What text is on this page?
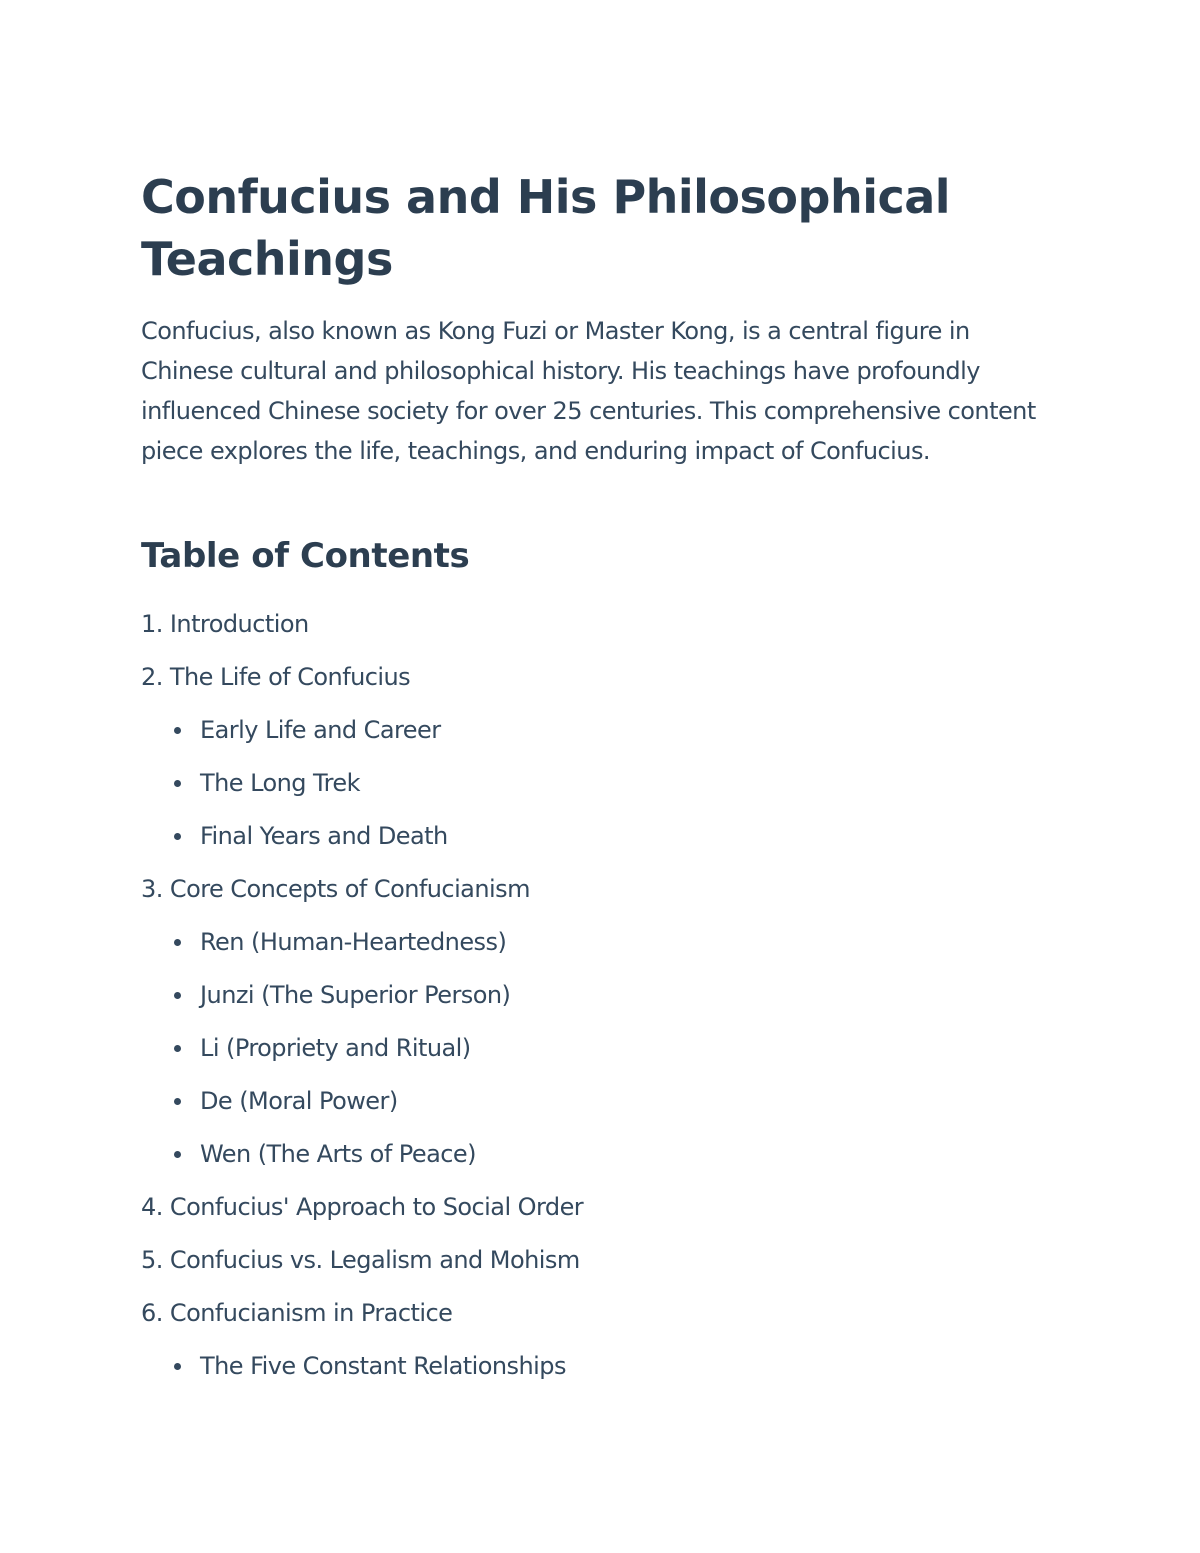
Confucius and His Philosophical Teachings

Confucius, also known as Kong Fuzi or Master Kong, is a central figure in Chinese cultural and philosophical history. His teachings have profoundly influenced Chinese society for over 25 centuries. This comprehensive content piece explores the life, teachings, and enduring impact of Confucius.

Table of Contents
1. Introduction
2. The Life of Confucius
Early Life and Career
The Long Trek
Final Years and Death
3. Core Concepts of Confucianism
Ren (Human-Heartedness)
Junzi (The Superior Person)
Li (Propriety and Ritual)
De (Moral Power)
Wen (The Arts of Peace)
4. Confucius' Approach to Social Order
5. Confucius vs. Legalism and Mohism
6. Confucianism in Practice
The Five Constant Relationships
